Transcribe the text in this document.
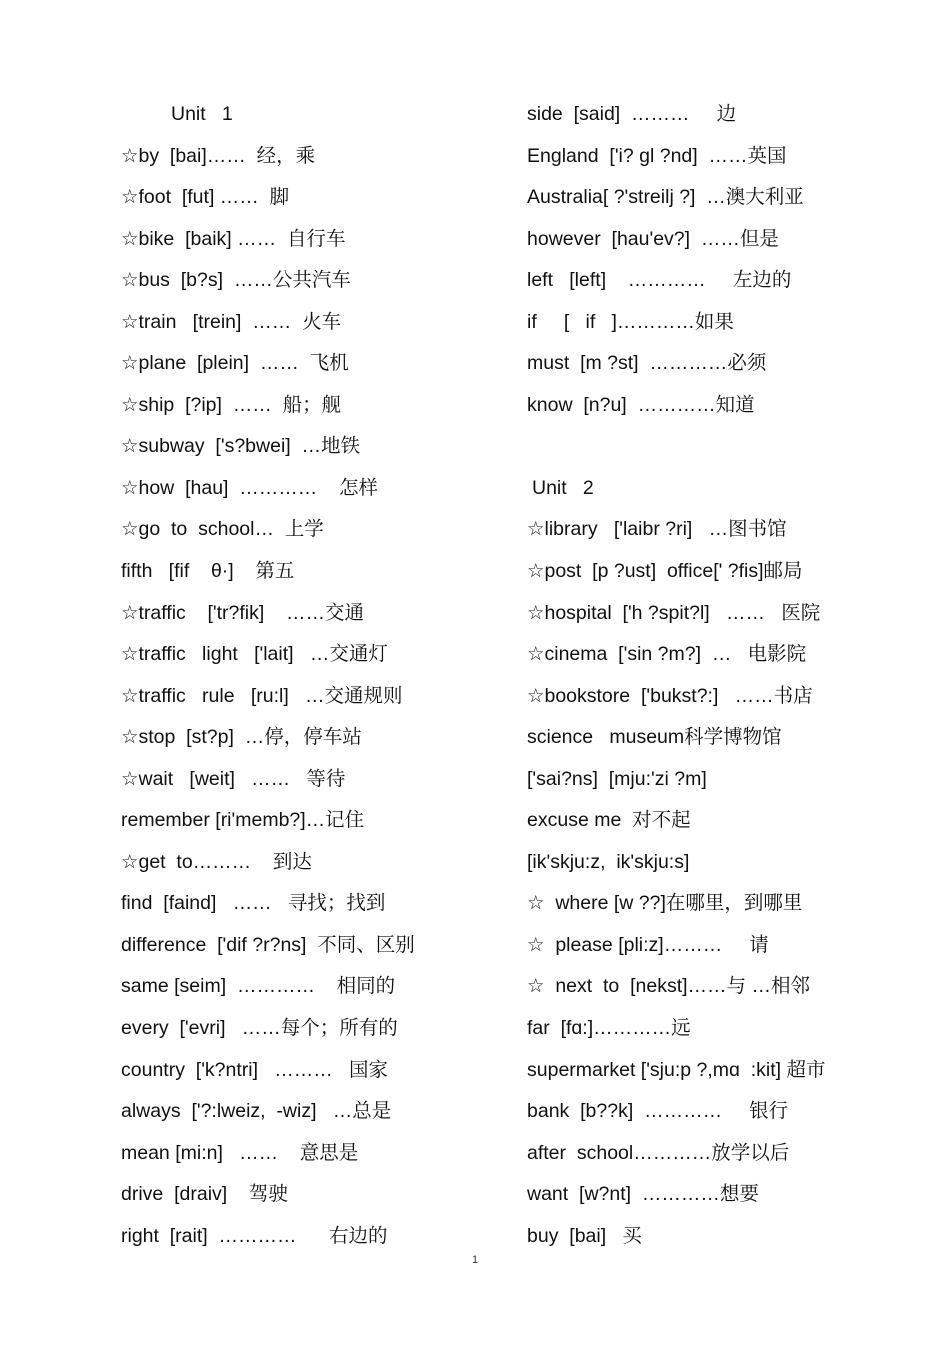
Unit   1
☆by  [bai]……  经，乘
☆foot  [fut] ……  脚
☆bike  [baik] ……  自行车
☆bus  [b?s]  ……公共汽车
☆train   [trein]  ……  火车
☆plane  [plein]  ……  飞机
☆ship  [?ip]  ……  船；舰
☆subway  ['s?bwei]  …地铁
☆how  [hau]  …………    怎样
☆go  to  school…  上学
fifth   [fif    θ·]    第五
☆traffic    ['tr?fik]    ……交通
☆traffic   light   ['lait]   …交通灯
☆traffic   rule   [ru:l]   …交通规则
☆stop  [st?p]  …停，停车站
☆wait   [weit]   ……   等待
remember [ri'memb?]…记住
☆get  to………    到达
find  [faind]   ……   寻找；找到
difference  ['dif ?r?ns]  不同、区别
same [seim]  …………    相同的
every  ['evri]   ……每个；所有的
country  ['k?ntri]   ………   国家
always  ['?:lweiz,  -wiz]   …总是
mean [mi:n]   ……    意思是
drive  [draiv]    驾驶
right  [rait]  …………      右边的
side  [said]  ………     边
England  ['i? gl ?nd]  ……英国
Australia[ ?'streilj ?]  …澳大利亚
however  [hau'ev?]  ……但是
left   [left]    …………     左边的
if     [   if   ]…………如果
must  [m ?st]  …………必须
know  [n?u]  …………知道
Unit   2
☆library   ['laibr ?ri]   …图书馆
☆post  [p ?ust]  office[' ?fis]邮局
☆hospital  ['h ?spit?l]   ……   医院
☆cinema  ['sin ?m?]  …   电影院
☆bookstore  ['bukst?:]   ……书店
science   museum科学博物馆
['sai?ns]  [mju:'zi ?m]
excuse me  对不起
[ik'skju:z,  ik'skju:s]
☆  where [w ??]在哪里，到哪里
☆  please [pli:z]………     请
☆  next  to  [nekst]……与 …相邻
far  [fɑ:]…………远
supermarket ['sju:p ?,mɑ  :kit] 超市
bank  [b??k]  …………     银行
after  school…………放学以后
want  [w?nt]  …………想要
buy  [bai]   买
1
